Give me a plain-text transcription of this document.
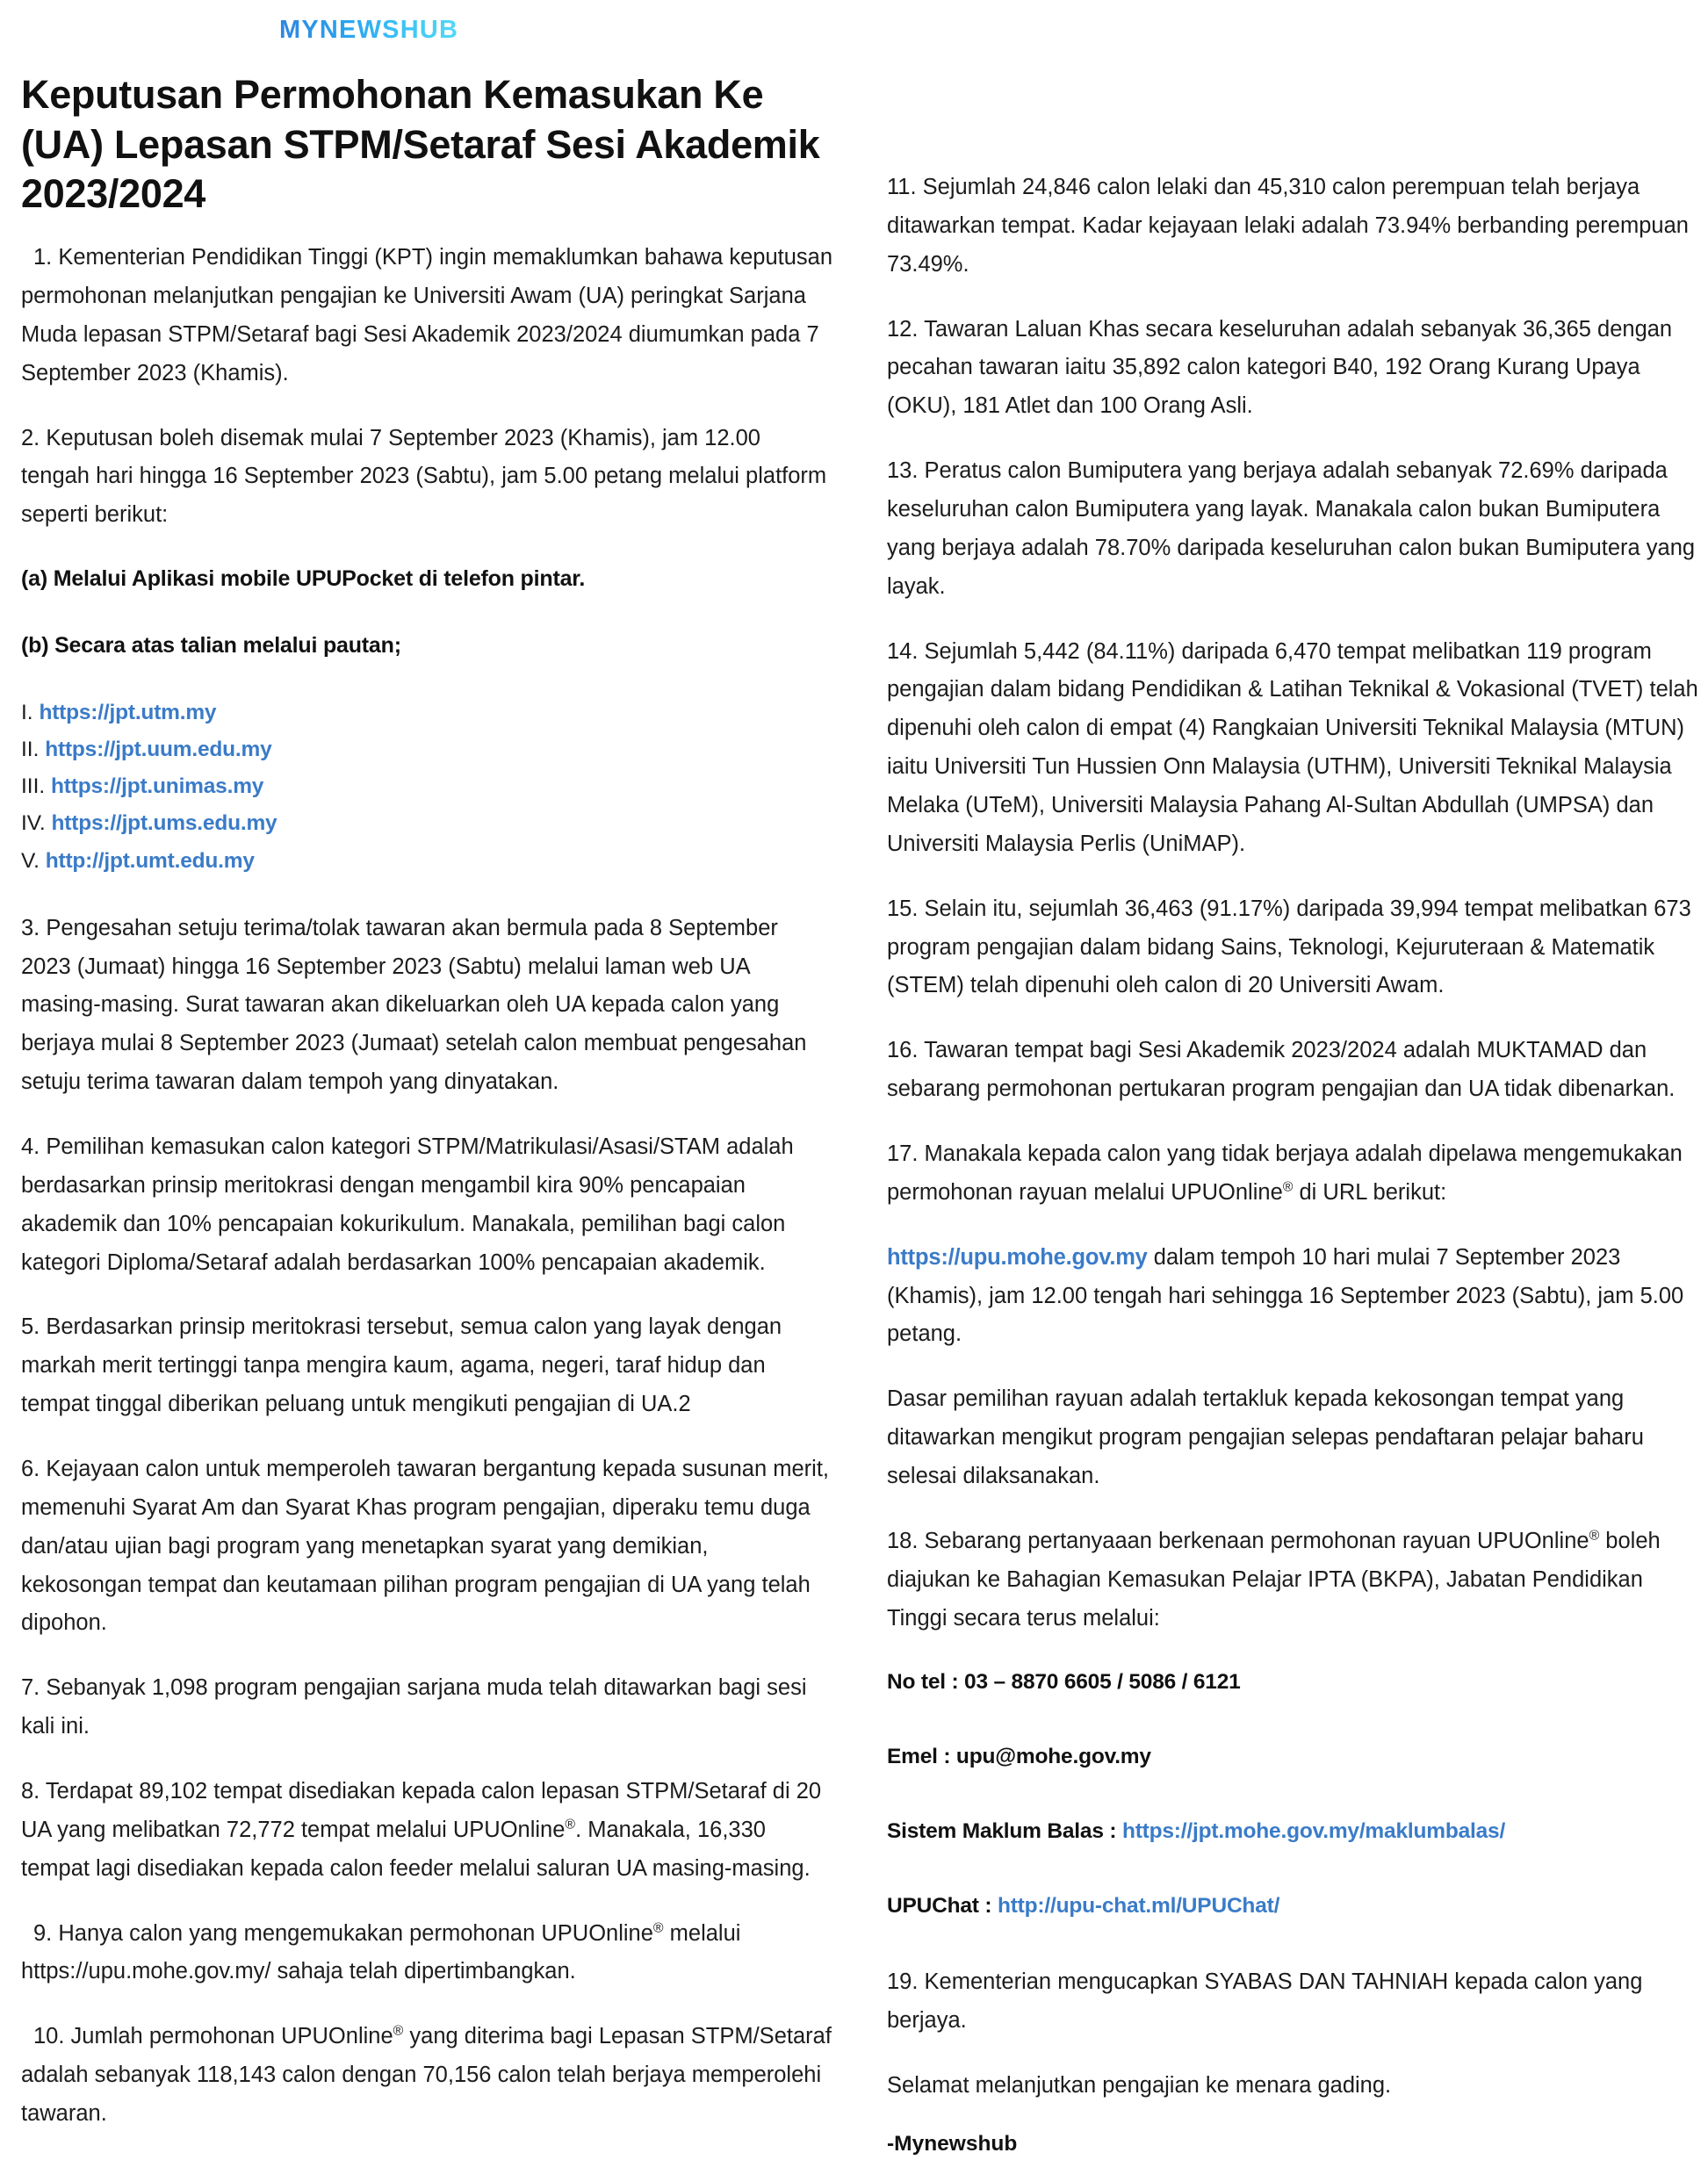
MYNEWSHUB
Keputusan Permohonan Kemasukan Ke (UA) Lepasan STPM/Setaraf Sesi Akademik 2023/2024

1. Kementerian Pendidikan Tinggi (KPT) ingin memaklumkan bahawa keputusan permohonan melanjutkan pengajian ke Universiti Awam (UA) peringkat Sarjana Muda lepasan STPM/Setaraf bagi Sesi Akademik 2023/2024 diumumkan pada 7 September 2023 (Khamis).

2. Keputusan boleh disemak mulai 7 September 2023 (Khamis), jam 12.00 tengah hari hingga 16 September 2023 (Sabtu), jam 5.00 petang melalui platform seperti berikut:

(a) Melalui Aplikasi mobile UPUPocket di telefon pintar.

(b) Secara atas talian melalui pautan;

I. https://jpt.utm.my
II. https://jpt.uum.edu.my
III. https://jpt.unimas.my
IV. https://jpt.ums.edu.my
V. http://jpt.umt.edu.my

3. Pengesahan setuju terima/tolak tawaran akan bermula pada 8 September 2023 (Jumaat) hingga 16 September 2023 (Sabtu) melalui laman web UA masing-masing. Surat tawaran akan dikeluarkan oleh UA kepada calon yang berjaya mulai 8 September 2023 (Jumaat) setelah calon membuat pengesahan setuju terima tawaran dalam tempoh yang dinyatakan.

4. Pemilihan kemasukan calon kategori STPM/Matrikulasi/Asasi/STAM adalah berdasarkan prinsip meritokrasi dengan mengambil kira 90% pencapaian akademik dan 10% pencapaian kokurikulum. Manakala, pemilihan bagi calon kategori Diploma/Setaraf adalah berdasarkan 100% pencapaian akademik.

5. Berdasarkan prinsip meritokrasi tersebut, semua calon yang layak dengan markah merit tertinggi tanpa mengira kaum, agama, negeri, taraf hidup dan tempat tinggal diberikan peluang untuk mengikuti pengajian di UA.2

6. Kejayaan calon untuk memperoleh tawaran bergantung kepada susunan merit, memenuhi Syarat Am dan Syarat Khas program pengajian, diperaku temu duga dan/atau ujian bagi program yang menetapkan syarat yang demikian, kekosongan tempat dan keutamaan pilihan program pengajian di UA yang telah dipohon.

7. Sebanyak 1,098 program pengajian sarjana muda telah ditawarkan bagi sesi kali ini.

8. Terdapat 89,102 tempat disediakan kepada calon lepasan STPM/Setaraf di 20 UA yang melibatkan 72,772 tempat melalui UPUOnline®. Manakala, 16,330 tempat lagi disediakan kepada calon feeder melalui saluran UA masing-masing.

9. Hanya calon yang mengemukakan permohonan UPUOnline® melalui https://upu.mohe.gov.my/ sahaja telah dipertimbangkan.

10. Jumlah permohonan UPUOnline® yang diterima bagi Lepasan STPM/Setaraf adalah sebanyak 118,143 calon dengan 70,156 calon telah berjaya memperolehi tawaran.

11. Sejumlah 24,846 calon lelaki dan 45,310 calon perempuan telah berjaya ditawarkan tempat. Kadar kejayaan lelaki adalah 73.94% berbanding perempuan 73.49%.

12. Tawaran Laluan Khas secara keseluruhan adalah sebanyak 36,365 dengan pecahan tawaran iaitu 35,892 calon kategori B40, 192 Orang Kurang Upaya (OKU), 181 Atlet dan 100 Orang Asli.

13. Peratus calon Bumiputera yang berjaya adalah sebanyak 72.69% daripada keseluruhan calon Bumiputera yang layak. Manakala calon bukan Bumiputera yang berjaya adalah 78.70% daripada keseluruhan calon bukan Bumiputera yang layak.

14. Sejumlah 5,442 (84.11%) daripada 6,470 tempat melibatkan 119 program pengajian dalam bidang Pendidikan & Latihan Teknikal & Vokasional (TVET) telah dipenuhi oleh calon di empat (4) Rangkaian Universiti Teknikal Malaysia (MTUN) iaitu Universiti Tun Hussien Onn Malaysia (UTHM), Universiti Teknikal Malaysia Melaka (UTeM), Universiti Malaysia Pahang Al-Sultan Abdullah (UMPSA) dan Universiti Malaysia Perlis (UniMAP).

15. Selain itu, sejumlah 36,463 (91.17%) daripada 39,994 tempat melibatkan 673 program pengajian dalam bidang Sains, Teknologi, Kejuruteraan & Matematik (STEM) telah dipenuhi oleh calon di 20 Universiti Awam.

16. Tawaran tempat bagi Sesi Akademik 2023/2024 adalah MUKTAMAD dan sebarang permohonan pertukaran program pengajian dan UA tidak dibenarkan.

17. Manakala kepada calon yang tidak berjaya adalah dipelawa mengemukakan permohonan rayuan melalui UPUOnline® di URL berikut:

https://upu.mohe.gov.my dalam tempoh 10 hari mulai 7 September 2023 (Khamis), jam 12.00 tengah hari sehingga 16 September 2023 (Sabtu), jam 5.00 petang.

Dasar pemilihan rayuan adalah tertakluk kepada kekosongan tempat yang ditawarkan mengikut program pengajian selepas pendaftaran pelajar baharu selesai dilaksanakan.

18. Sebarang pertanyaaan berkenaan permohonan rayuan UPUOnline® boleh diajukan ke Bahagian Kemasukan Pelajar IPTA (BKPA), Jabatan Pendidikan Tinggi secara terus melalui:

No tel : 03 – 8870 6605 / 5086 / 6121

Emel : upu@mohe.gov.my

Sistem Maklum Balas : https://jpt.mohe.gov.my/maklumbalas/

UPUChat : http://upu-chat.ml/UPUChat/

19. Kementerian mengucapkan SYABAS DAN TAHNIAH kepada calon yang berjaya.

Selamat melanjutkan pengajian ke menara gading.

-Mynewshub
